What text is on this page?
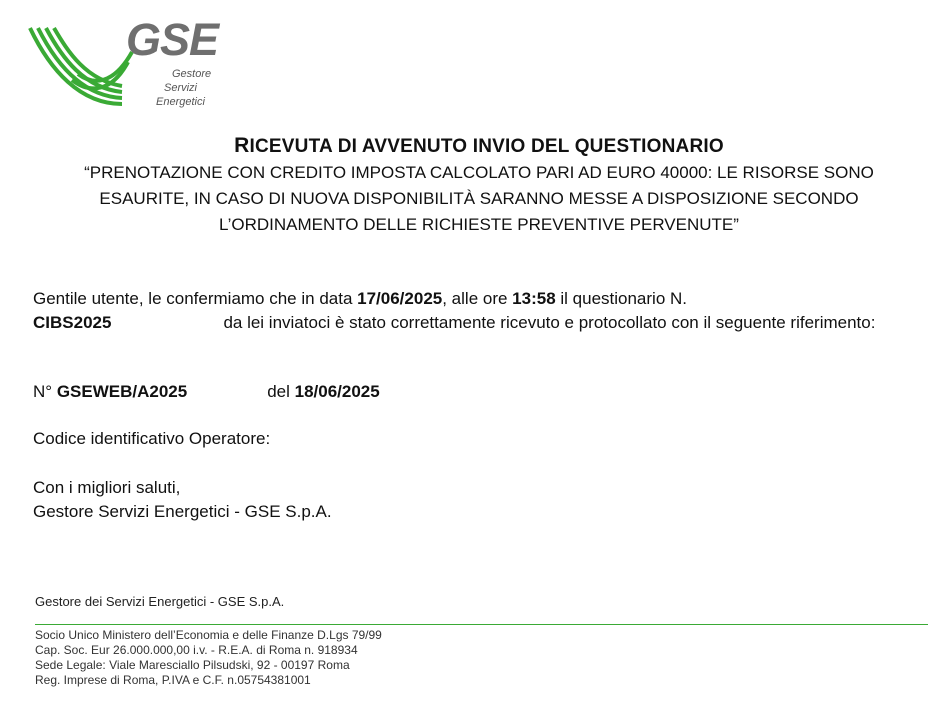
GSE
Gestore
Servizi
Energetici
RICEVUTA DI AVVENUTO INVIO DEL QUESTIONARIO
“PRENOTAZIONE CON CREDITO IMPOSTA CALCOLATO PARI AD EURO 40000: LE RISORSE SONO ESAURITE, IN CASO DI NUOVA DISPONIBILITÀ SARANNO MESSE A DISPOSIZIONE SECONDO L’ORDINAMENTO DELLE RICHIESTE PREVENTIVE PERVENUTE”
Gentile utente, le confermiamo che in data 17/06/2025, alle ore 13:58 il questionario N.
CIBS2025	da lei inviatoci è stato correttamente ricevuto e protocollato con il seguente riferimento:
N° GSEWEB/A2025	del 18/06/2025
Codice identificativo Operatore:
Con i migliori saluti,
Gestore Servizi Energetici - GSE S.p.A.
Gestore dei Servizi Energetici - GSE S.p.A.
Socio Unico Ministero dell’Economia e delle Finanze D.Lgs 79/99
Cap. Soc. Eur 26.000.000,00 i.v. - R.E.A. di Roma n. 918934
Sede Legale: Viale Maresciallo Pilsudski, 92 - 00197 Roma
Reg. Imprese di Roma, P.IVA e C.F. n.05754381001
